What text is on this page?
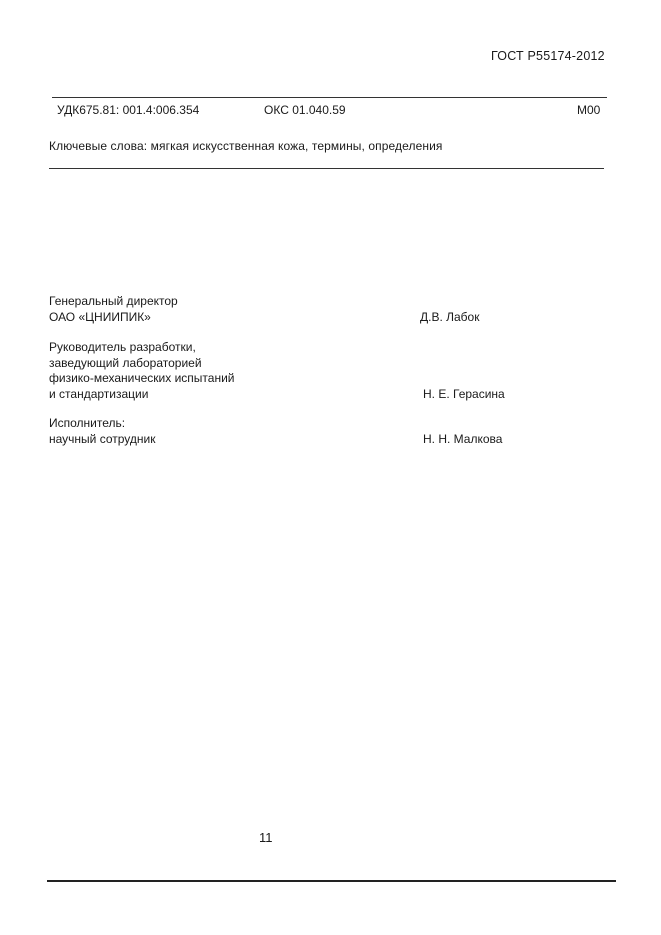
ГОСТ Р55174-2012
УДК675.81: 001.4:006.354	ОКС 01.040.59	М00
Ключевые слова: мягкая искусственная кожа, термины, определения
Генеральный директор
ОАО «ЦНИИПИК»	Д.В. Лабок
Руководитель разработки,
заведующий лабораторией
физико-механических испытаний
и стандартизации	Н. Е. Герасина
Исполнитель:
научный сотрудник	Н. Н. Малкова
11
